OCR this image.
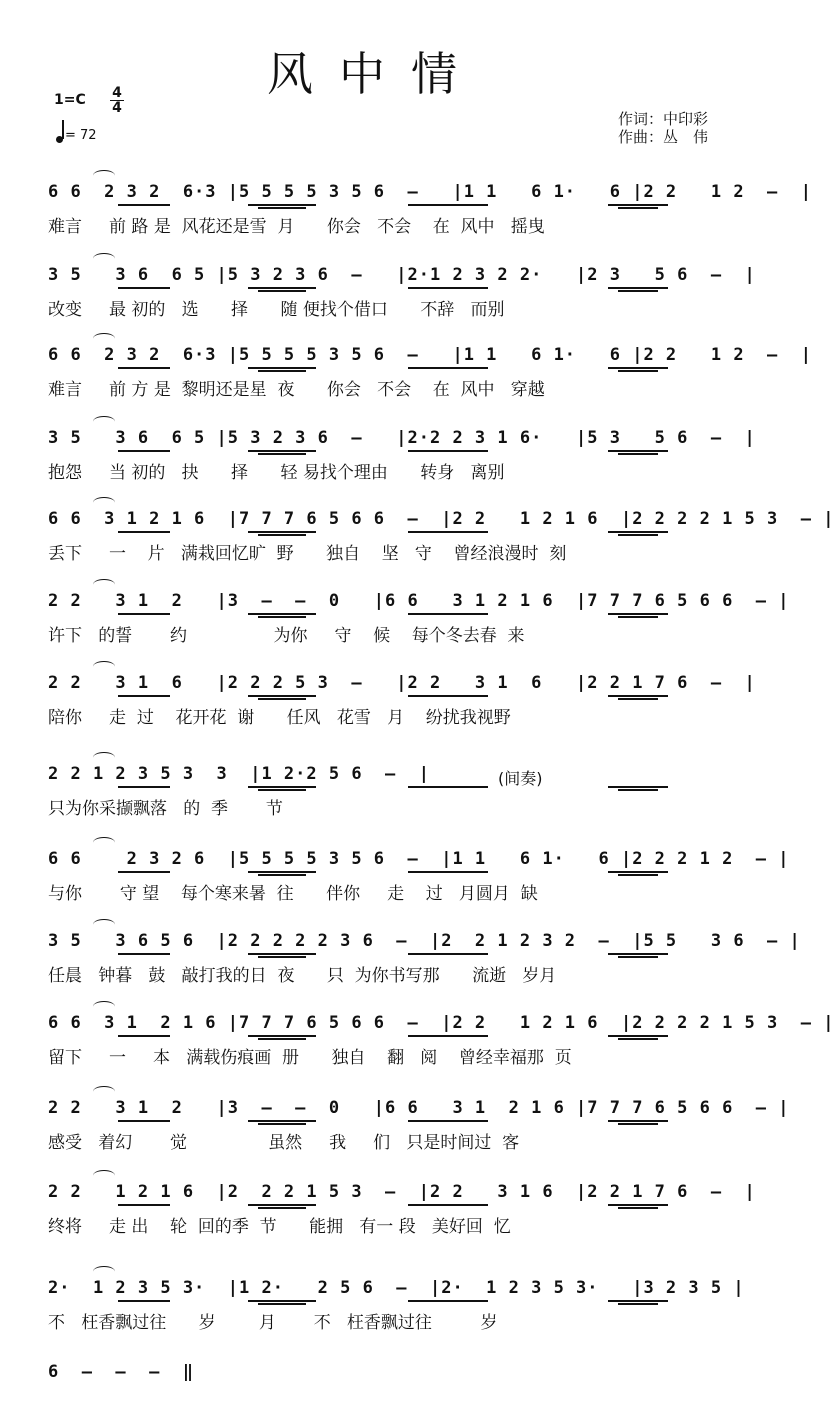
风中情
1=C 4
4
= 72
作词：中印彩
作曲：丛　伟
(间奏)
6 6  2 3 2  6·3 |5 5 5 5 3 5 6  –   |1 1   6 1·   6 |2 2   1 2  –  |
难言     前 路 是  风花还是雪  月      你会   不会    在  风中   摇曳
3 5   3 6  6 5 |5 3 2 3 6  –   |2·1 2 3 2 2·   |2 3   5 6  –  |
改变     最 初的   选      择      随 便找个借口      不辞   而别
6 6  2 3 2  6·3 |5 5 5 5 3 5 6  –   |1 1   6 1·   6 |2 2   1 2  –  |
难言     前 方 是  黎明还是星  夜      你会   不会    在  风中   穿越
3 5   3 6  6 5 |5 3 2 3 6  –   |2·2 2 3 1 6·   |5 3   5 6  –  |
抱怨     当 初的   抉      择      轻 易找个理由      转身   离别
6 6  3 1 2 1 6  |7 7 7 6 5 6 6  –  |2 2   1 2 1 6  |2 2 2 2 1 5 3  – |
丢下     一    片   满栽回忆旷  野      独自    坚   守    曾经浪漫时  刻
2 2   3 1  2   |3  –  –  0   |6 6   3 1 2 1 6  |7 7 7 6 5 6 6  – |
许下   的誓       约                为你     守    候    每个冬去春  来
2 2   3 1  6   |2 2 2 5 3  –   |2 2   3 1  6   |2 2 1 7 6  –  |
陪你     走  过    花开花  谢      任风   花雪   月    纷扰我视野
2 2 1 2 3 5 3  3  |1 2·2 5 6  –  |
只为你采撷飘落   的  季       节
6 6    2 3 2 6  |5 5 5 5 3 5 6  –  |1 1   6 1·   6 |2 2 2 1 2  – |
与你       守 望    每个寒来暑  往      伴你     走    过   月圆月  缺
3 5   3 6 5 6  |2 2 2 2 2 3 6  –  |2  2 1 2 3 2  –  |5 5   3 6  – |
任晨   钟暮   鼓   敲打我的日  夜      只  为你书写那      流逝   岁月
6 6  3 1  2 1 6 |7 7 7 6 5 6 6  –  |2 2   1 2 1 6  |2 2 2 2 1 5 3  – |
留下     一     本   满载伤痕画  册      独自    翻   阅    曾经幸福那  页
2 2   3 1  2   |3  –  –  0   |6 6   3 1  2 1 6 |7 7 7 6 5 6 6  – |
感受   着幻       觉               虽然     我     们   只是时间过  客
2 2   1 2 1 6  |2  2 2 1 5 3  –  |2 2   3 1 6  |2 2 1 7 6  –  |
终将     走 出    轮  回的季  节      能拥   有一 段   美好回  忆
2·  1 2 3 5 3·  |1 2·   2 5 6  –  |2·  1 2 3 5 3·   |3 2 3 5 |
不   枉香飘过往      岁        月       不   枉香飘过往         岁
6  –  –  –  ‖
